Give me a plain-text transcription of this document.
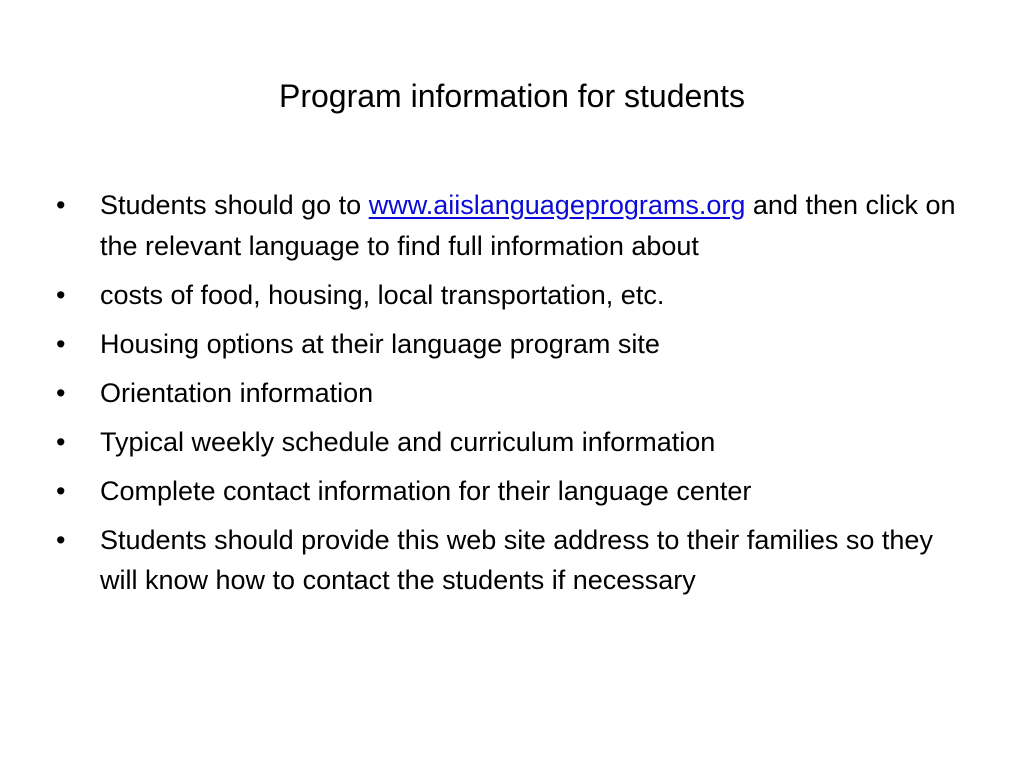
Program information for students
•	Students should go to www.aiislanguageprograms.org and then click on the relevant language to find full information about
•	costs of food, housing, local transportation, etc.
•	Housing options at their language program site
•	Orientation information
•	Typical weekly schedule and curriculum information
•	Complete contact information for their language center
•	Students should provide this web site address to their families so they will know how to contact the students if necessary
